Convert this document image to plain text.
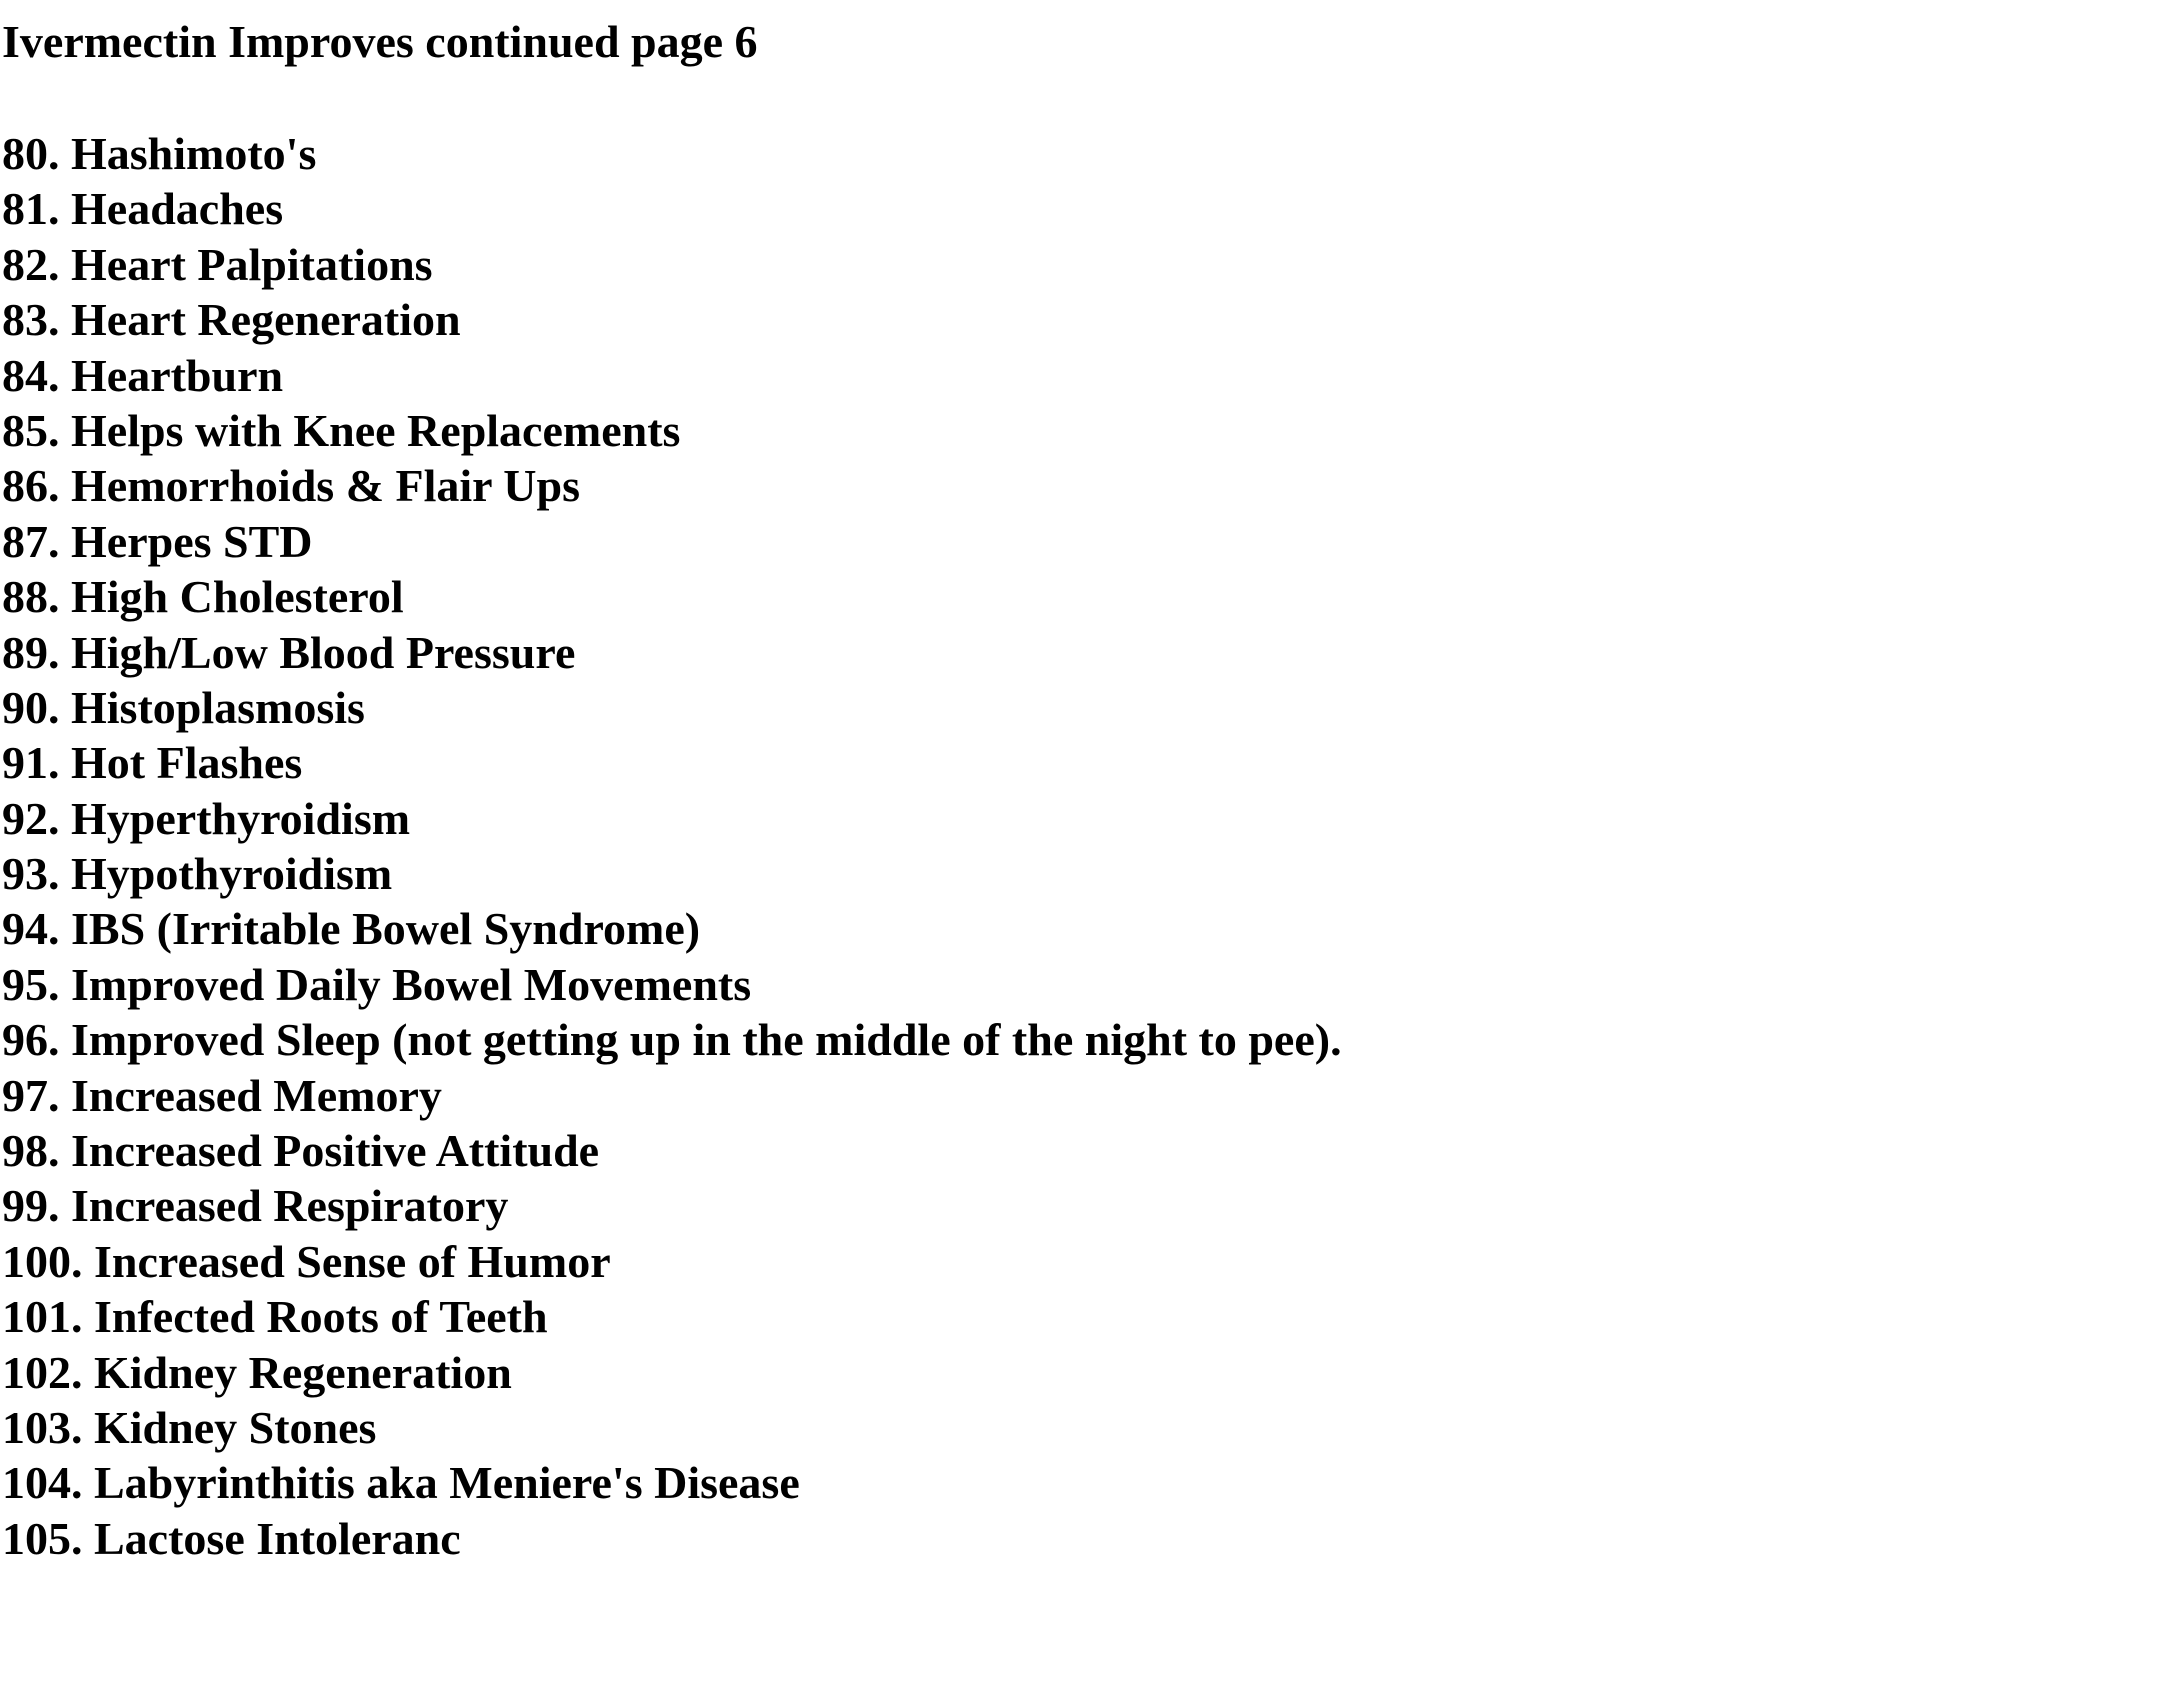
Ivermectin Improves continued page 6
80. Hashimoto's
81. Headaches
82. Heart Palpitations
83. Heart Regeneration
84. Heartburn
85. Helps with Knee Replacements
86. Hemorrhoids & Flair Ups
87. Herpes STD
88. High Cholesterol
89. High/Low Blood Pressure
90. Histoplasmosis
91. Hot Flashes
92. Hyperthyroidism
93. Hypothyroidism
94. IBS (Irritable Bowel Syndrome)
95. Improved Daily Bowel Movements
96. Improved Sleep (not getting up in the middle of the night to pee).
97. Increased Memory
98. Increased Positive Attitude
99. Increased Respiratory
100. Increased Sense of Humor
101. Infected Roots of Teeth
102. Kidney Regeneration
103. Kidney Stones
104. Labyrinthitis aka Meniere's Disease
105. Lactose Intoleranc
